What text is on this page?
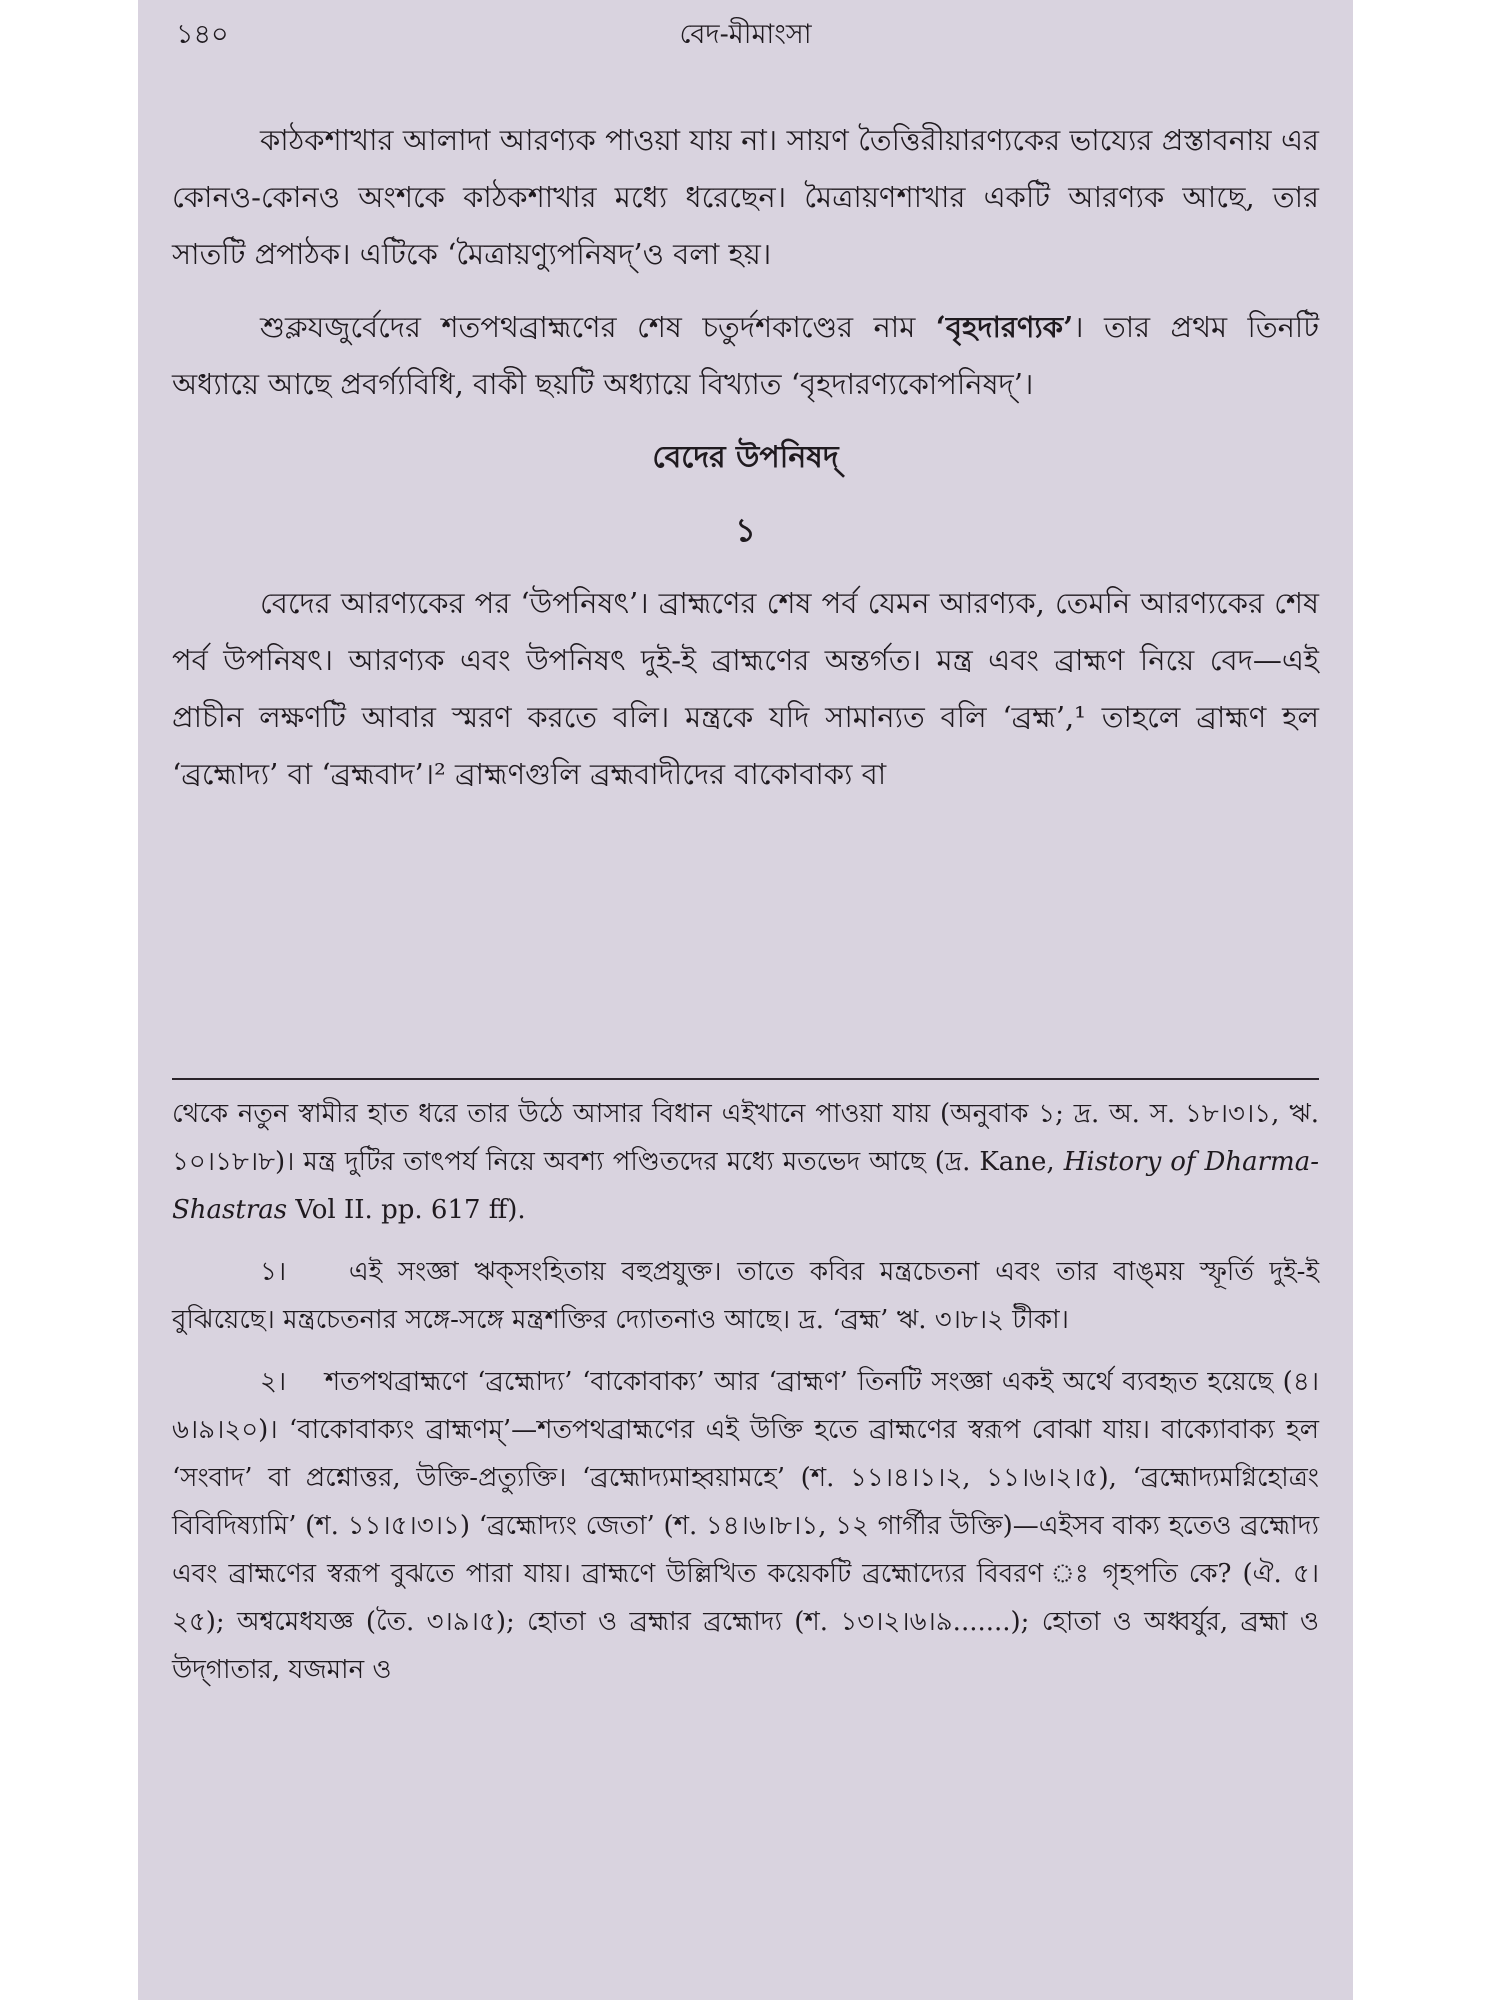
১৪০	বেদ-মীমাংসা

কাঠকশাখার আলাদা আরণ্যক পাওয়া যায় না। সায়ণ তৈত্তিরীয়ারণ্যকের ভায্যের প্রস্তাবনায় এর কোনও-কোনও অংশকে কাঠকশাখার মধ্যে ধরেছেন। মৈত্রায়ণশাখার একটি আরণ্যক আছে, তার সাতটি প্রপাঠক। এটিকে ‘মৈত্রায়ণ্যুপনিষদ্’ও বলা হয়।

শুক্লযজুর্বেদের শতপথব্রাহ্মণের শেষ চতুর্দশকাণ্ডের নাম ‘বৃহদারণ্যক’। তার প্রথম তিনটি অধ্যায়ে আছে প্রবর্গ্যবিধি, বাকী ছয়টি অধ্যায়ে বিখ্যাত ‘বৃহদারণ্যকোপনিষদ্’।

বেদের উপনিষদ্

১

বেদের আরণ্যকের পর ‘উপনিষৎ’। ব্রাহ্মণের শেষ পর্ব যেমন আরণ্যক, তেমনি আরণ্যকের শেষ পর্ব উপনিষৎ। আরণ্যক এবং উপনিষৎ দুই-ই ব্রাহ্মণের অন্তর্গত। মন্ত্র এবং ব্রাহ্মণ নিয়ে বেদ—এই প্রাচীন লক্ষণটি আবার স্মরণ করতে বলি। মন্ত্রকে যদি সামান্যত বলি ‘ব্রহ্ম’,¹ তাহলে ব্রাহ্মণ হল ‘ব্রহ্মোদ্য’ বা ‘ব্রহ্মবাদ’।² ব্রাহ্মণগুলি ব্রহ্মবাদীদের বাকোবাক্য বা

থেকে নতুন স্বামীর হাত ধরে তার উঠে আসার বিধান এইখানে পাওয়া যায় (অনুবাক ১; দ্র. অ. স. ১৮।৩।১, ঋ. ১০।১৮।৮)। মন্ত্র দুটির তাৎপর্য নিয়ে অবশ্য পণ্ডিতদের মধ্যে মতভেদ আছে (দ্র. Kane, History of Dharma-Shastras Vol II. pp. 617 ff).

১। এই সংজ্ঞা ঋক্‌সংহিতায় বহুপ্রযুক্ত। তাতে কবির মন্ত্রচেতনা এবং তার বাঙ্‌ময় স্ফূর্তি দুই-ই বুঝিয়েছে। মন্ত্রচেতনার সঙ্গে-সঙ্গে মন্ত্রশক্তির দ্যোতনাও আছে। দ্র. ‘ব্রহ্ম’ ঋ. ৩।৮।২ টীকা।

২। শতপথব্রাহ্মণে ‘ব্রহ্মোদ্য’ ‘বাকোবাক্য’ আর ‘ব্রাহ্মণ’ তিনটি সংজ্ঞা একই অর্থে ব্যবহৃত হয়েছে (৪।৬।৯।২০)। ‘বাকোবাক্যং ব্রাহ্মণম্’—শতপথব্রাহ্মণের এই উক্তি হতে ব্রাহ্মণের স্বরূপ বোঝা যায়। বাক্যোবাক্য হল ‘সংবাদ’ বা প্রশ্নোত্তর, উক্তি-প্রত্যুক্তি। ‘ব্রহ্মোদ্যমাহ্বয়ামহে’ (শ. ১১।৪।১।২, ১১।৬।২।৫), ‘ব্রহ্মোদ্যমগ্নিহোত্রং বিবিদিষ্যামি’ (শ. ১১।৫।৩।১) ‘ব্রহ্মোদ্যং জেতা’ (শ. ১৪।৬।৮।১, ১২ গার্গীর উক্তি)—এইসব বাক্য হতেও ব্রহ্মোদ্য এবং ব্রাহ্মণের স্বরূপ বুঝতে পারা যায়। ব্রাহ্মণে উল্লিখিত কয়েকটি ব্রহ্মোদ্যের বিবরণ ঃ গৃহপতি কে? (ঐ. ৫।২৫); অশ্বমেধযজ্ঞ (তৈ. ৩।৯।৫); হোতা ও ব্রহ্মার ব্রহ্মোদ্য (শ. ১৩।২।৬।৯.......); হোতা ও অধ্বর্যুর, ব্রহ্মা ও উদ্‌গাতার, যজমান ও
